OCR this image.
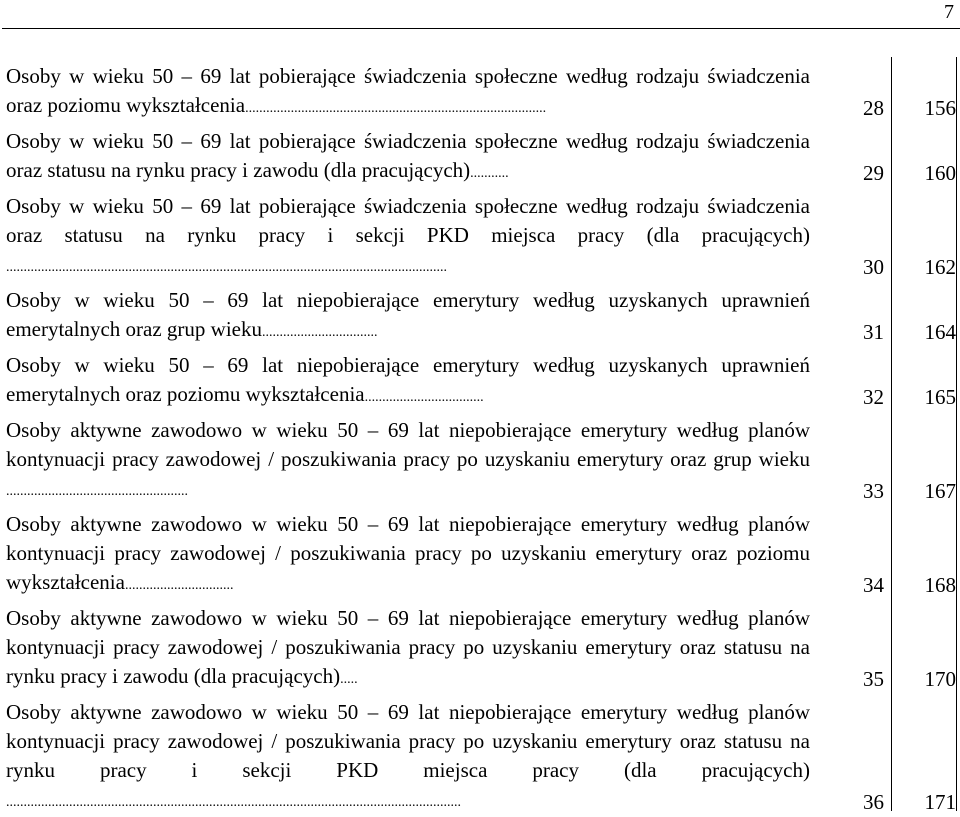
7
Osoby w wieku 50 – 69 lat pobierające świadczenia społeczne według rodzaju świadczenia oraz poziomu wykształcenia......................................................................................	28 156
Osoby w wieku 50 – 69 lat pobierające świadczenia społeczne według rodzaju świadczenia oraz statusu na rynku pracy i zawodu (dla pracujących)...........	29 160
Osoby w wieku 50 – 69 lat pobierające świadczenia społeczne według rodzaju świadczenia oraz statusu na rynku pracy i sekcji PKD miejsca pracy (dla pracujących)..............................................................................................................................	30 162
Osoby w wieku 50 – 69 lat niepobierające emerytury według uzyskanych uprawnień emerytalnych oraz grup wieku.................................	31 164
Osoby w wieku 50 – 69 lat niepobierające emerytury według uzyskanych uprawnień emerytalnych oraz poziomu wykształcenia..................................	32 165
Osoby aktywne zawodowo w wieku 50 – 69 lat niepobierające emerytury według planów kontynuacji pracy zawodowej / poszukiwania pracy po uzyskaniu emerytury oraz grup wieku....................................................	33 167
Osoby aktywne zawodowo w wieku 50 – 69 lat niepobierające emerytury według planów kontynuacji pracy zawodowej / poszukiwania pracy po uzyskaniu emerytury oraz poziomu wykształcenia...............................	34 168
Osoby aktywne zawodowo w wieku 50 – 69 lat niepobierające emerytury według planów kontynuacji pracy zawodowej / poszukiwania pracy po uzyskaniu emerytury oraz statusu na rynku pracy i zawodu (dla pracujących).....	35 170
Osoby aktywne zawodowo w wieku 50 – 69 lat niepobierające emerytury według planów kontynuacji pracy zawodowej / poszukiwania pracy po uzyskaniu emerytury oraz statusu na rynku pracy i sekcji PKD miejsca pracy (dla pracujących)..................................................................................................................................	36 171
